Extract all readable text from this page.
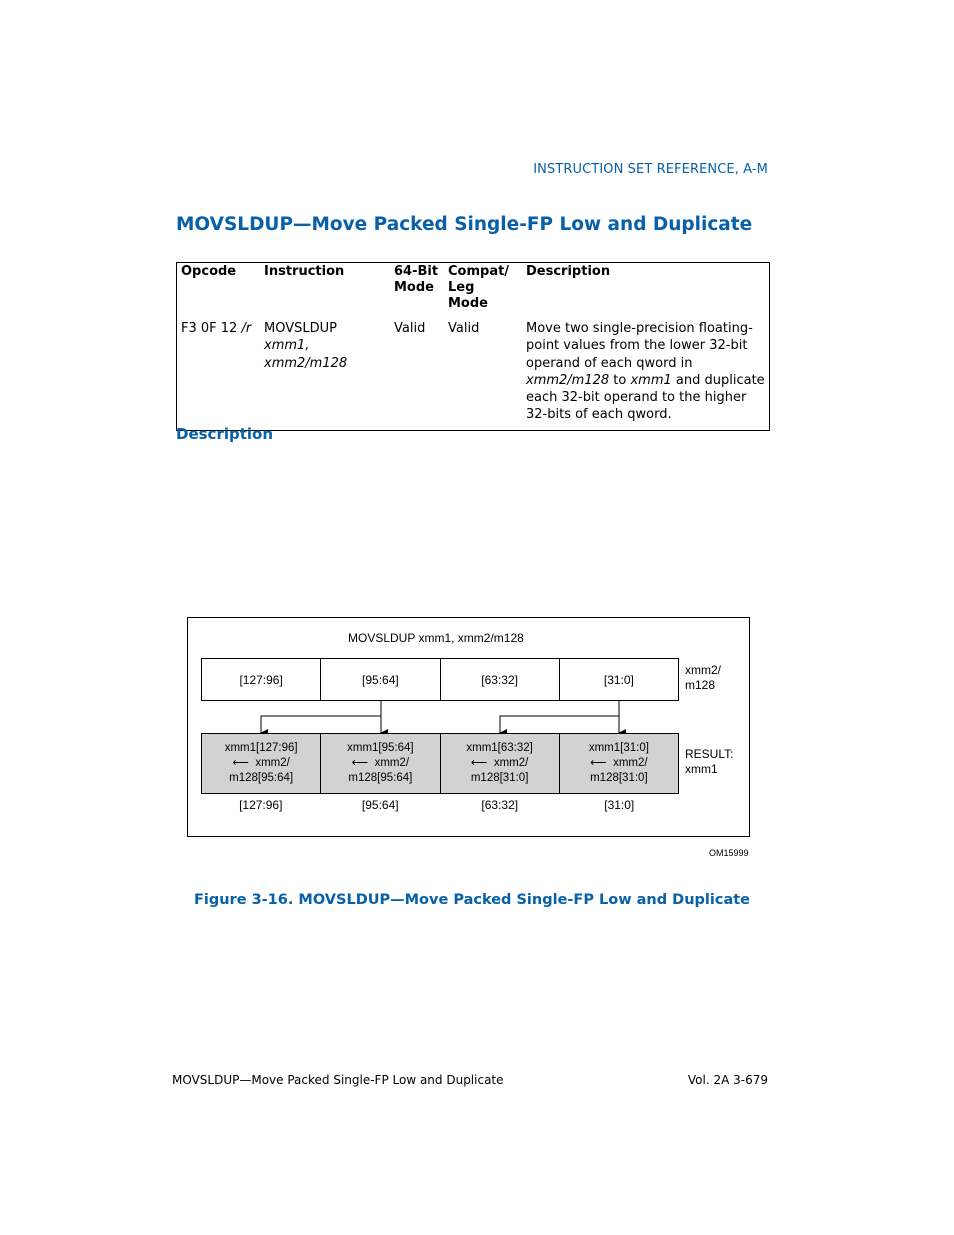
INSTRUCTION SET REFERENCE, A-M
MOVSLDUP—Move Packed Single-FP Low and Duplicate
Opcode	Instruction	64-Bit Mode	Compat/ Leg Mode	Description
F3 0F 12 /r	MOVSLDUP xmm1, xmm2/m128	Valid	Valid	Move two single-precision floating-point values from the lower 32-bit operand of each qword in xmm2/m128 to xmm1 and duplicate each 32-bit operand to the higher 32-bits of each qword.
Description
MOVSLDUP xmm1, xmm2/m128
[127:96]	[95:64]	[63:32]	[31:0]
xmm2/
m128
xmm1[127:96]
⟵ xmm2/
m128[95:64]
xmm1[95:64]
⟵ xmm2/
m128[95:64]
xmm1[63:32]
⟵ xmm2/
m128[31:0]
xmm1[31:0]
⟵ xmm2/
m128[31:0]
RESULT:
xmm1
[127:96]	[95:64]	[63:32]	[31:0]
OM15999
Figure 3-16. MOVSLDUP—Move Packed Single-FP Low and Duplicate
MOVSLDUP—Move Packed Single-FP Low and Duplicate	Vol. 2A 3-679
